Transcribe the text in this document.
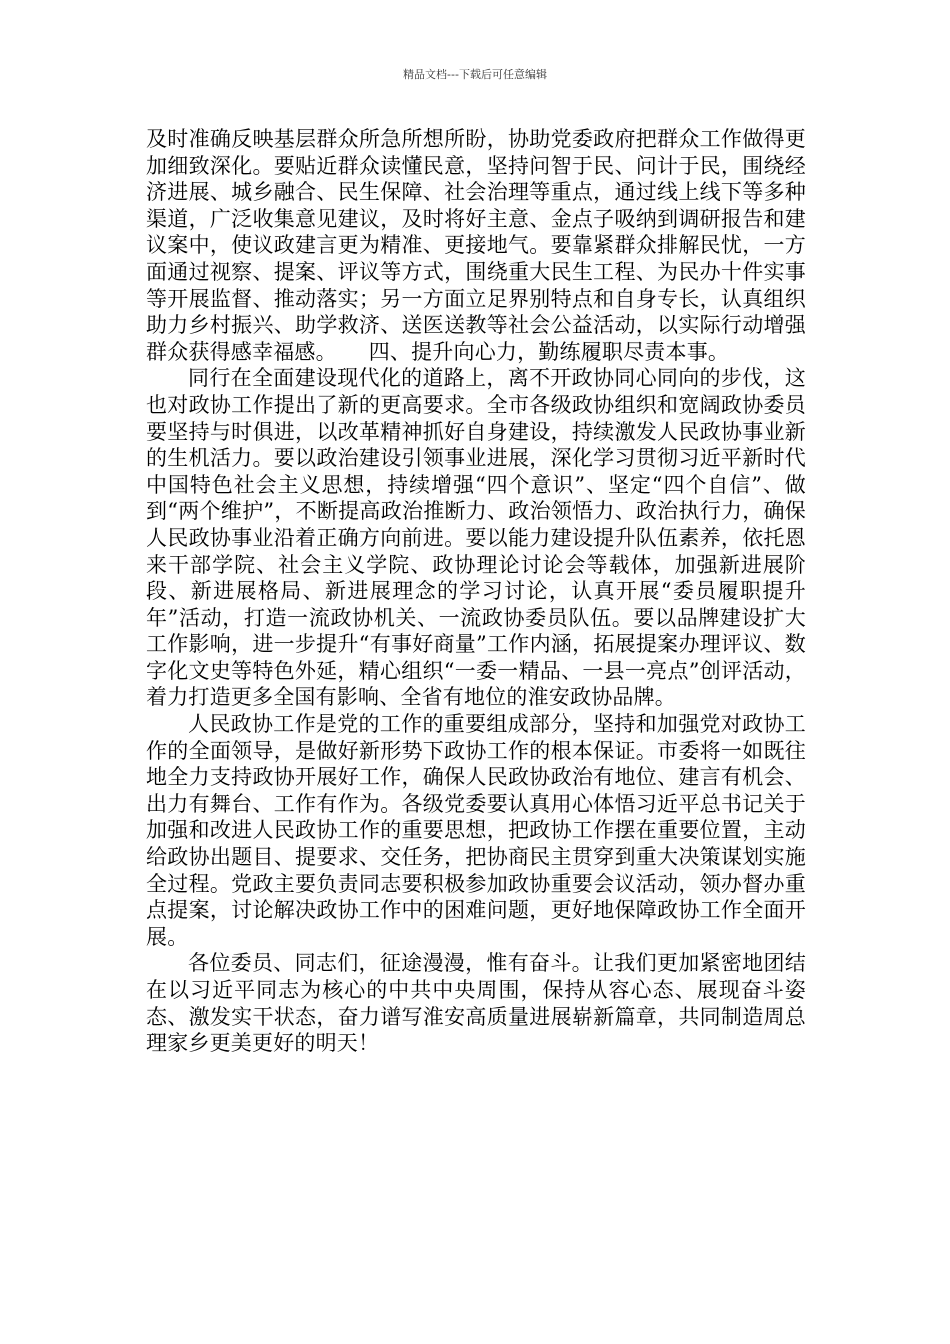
精品文档---下载后可任意编辑

及时准确反映基层群众所急所想所盼，协助党委政府把群众工作做得更加细致深化。要贴近群众读懂民意，坚持问智于民、问计于民，围绕经济进展、城乡融合、民生保障、社会治理等重点，通过线上线下等多种渠道，广泛收集意见建议，及时将好主意、金点子吸纳到调研报告和建议案中，使议政建言更为精准、更接地气。要靠紧群众排解民忧，一方面通过视察、提案、评议等方式，围绕重大民生工程、为民办十件实事等开展监督、推动落实；另一方面立足界别特点和自身专长，认真组织助力乡村振兴、助学救济、送医送教等社会公益活动，以实际行动增强群众获得感幸福感。　　四、提升向心力，勤练履职尽责本事。

同行在全面建设现代化的道路上，离不开政协同心同向的步伐，这也对政协工作提出了新的更高要求。全市各级政协组织和宽阔政协委员要坚持与时俱进，以改革精神抓好自身建设，持续激发人民政协事业新的生机活力。要以政治建设引领事业进展，深化学习贯彻习近平新时代中国特色社会主义思想，持续增强“四个意识”、坚定“四个自信”、做到“两个维护”，不断提高政治推断力、政治领悟力、政治执行力，确保人民政协事业沿着正确方向前进。要以能力建设提升队伍素养，依托恩来干部学院、社会主义学院、政协理论讨论会等载体，加强新进展阶段、新进展格局、新进展理念的学习讨论，认真开展“委员履职提升年”活动，打造一流政协机关、一流政协委员队伍。要以品牌建设扩大工作影响，进一步提升“有事好商量”工作内涵，拓展提案办理评议、数字化文史等特色外延，精心组织“一委一精品、一县一亮点”创评活动，着力打造更多全国有影响、全省有地位的淮安政协品牌。

人民政协工作是党的工作的重要组成部分，坚持和加强党对政协工作的全面领导，是做好新形势下政协工作的根本保证。市委将一如既往地全力支持政协开展好工作，确保人民政协政治有地位、建言有机会、出力有舞台、工作有作为。各级党委要认真用心体悟习近平总书记关于加强和改进人民政协工作的重要思想，把政协工作摆在重要位置，主动给政协出题目、提要求、交任务，把协商民主贯穿到重大决策谋划实施全过程。党政主要负责同志要积极参加政协重要会议活动，领办督办重点提案，讨论解决政协工作中的困难问题，更好地保障政协工作全面开展。

各位委员、同志们，征途漫漫，惟有奋斗。让我们更加紧密地团结在以习近平同志为核心的中共中央周围，保持从容心态、展现奋斗姿态、激发实干状态，奋力谱写淮安高质量进展崭新篇章，共同制造周总理家乡更美更好的明天！
